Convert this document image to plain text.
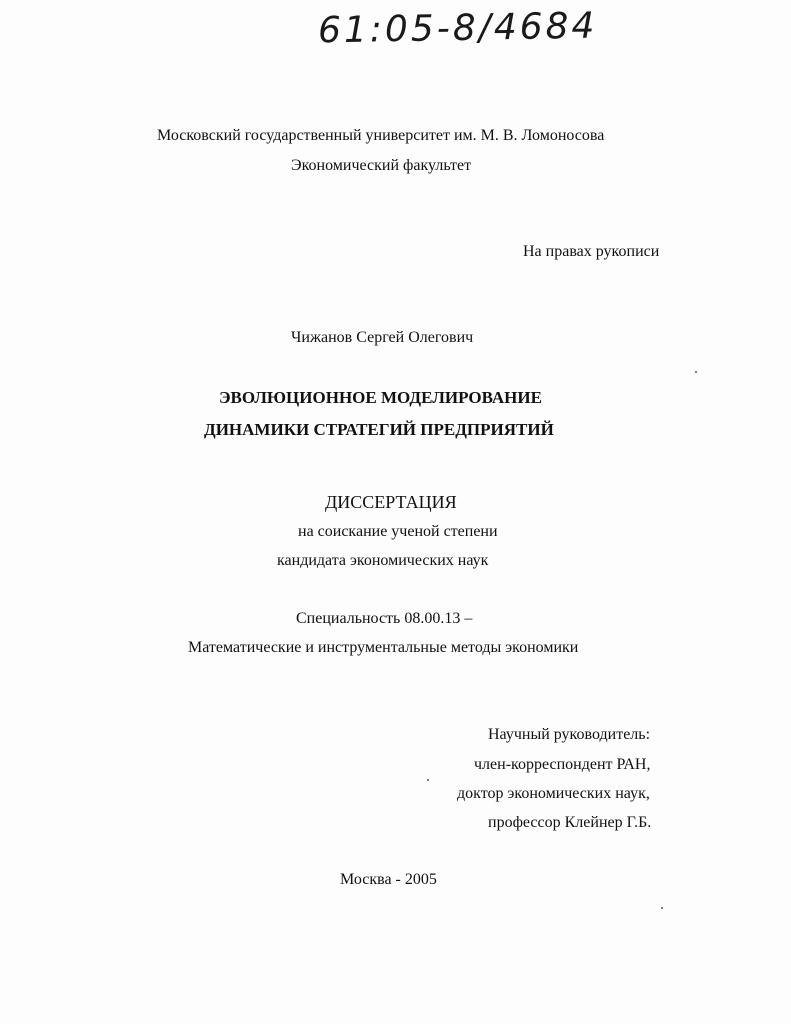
61:05-8/4684
Московский государственный университет им. М. В. Ломоносова
Экономический факультет
На правах рукописи
Чижанов Сергей Олегович
ЭВОЛЮЦИОННОЕ МОДЕЛИРОВАНИЕ
ДИНАМИКИ СТРАТЕГИЙ ПРЕДПРИЯТИЙ
ДИССЕРТАЦИЯ
на соискание ученой степени
кандидата экономических наук
Специальность 08.00.13 –
Математические и инструментальные методы экономики
Научный руководитель:
член-корреспондент РАН,
доктор экономических наук,
профессор Клейнер Г.Б.
Москва - 2005
